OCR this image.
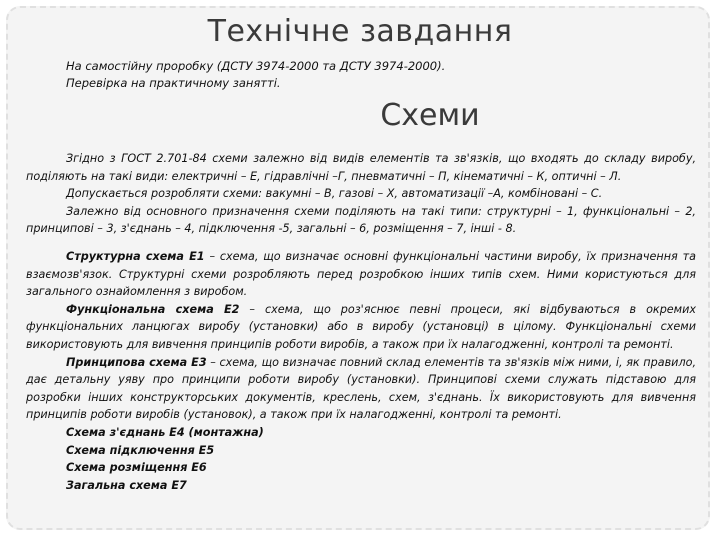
Технічне завдання
На самостійну проробку (ДСТУ 3974-2000 та ДСТУ 3974-2000).
Перевірка на практичному занятті.
Схеми

Згідно з ГОСТ 2.701-84 схеми залежно від видів елементів та зв'язків, що входять до складу виробу, поділяють на такі види: електричні – Е, гідравлічні –Г, пневматичні – П, кінематичні – К, оптичні – Л.

Допускається розробляти схеми: вакумні – В, газові – Х, автоматизації –А, комбіновані – С.

Залежно від основного призначення схеми поділяють на такі типи: структурні – 1, функціональні – 2, принципові – 3, з'єднань – 4, підключення -5, загальні – 6, розміщення – 7, інші - 8.

Структурна схема Е1 – схема, що визначає основні функціональні частини виробу, їх призначення та взаємозв'язок. Структурні схеми розробляють перед розробкою інших типів схем. Ними користуються для загального ознайомлення з виробом.

Функціональна схема Е2 – схема, що роз'яснює певні процеси, які відбуваються в окремих функціональних ланцюгах виробу (установки) або в виробу (установці) в цілому. Функціональні схеми використовують для вивчення принципів роботи виробів, а також при їх налагодженні, контролі та ремонті.

Принципова схема Е3 – схема, що визначає повний склад елементів та зв'язків між ними, і, як правило, дає детальну уяву про принципи роботи виробу (установки). Принципові схеми служать підставою для розробки інших конструкторських документів, креслень, схем, з'єднань. Їх використовують для вивчення принципів роботи виробів (установок), а також при їх налагодженні, контролі та ремонті.

Схема з'єднань Е4 (монтажна)
Схема підключення Е5
Схема розміщення Е6
Загальна схема Е7
